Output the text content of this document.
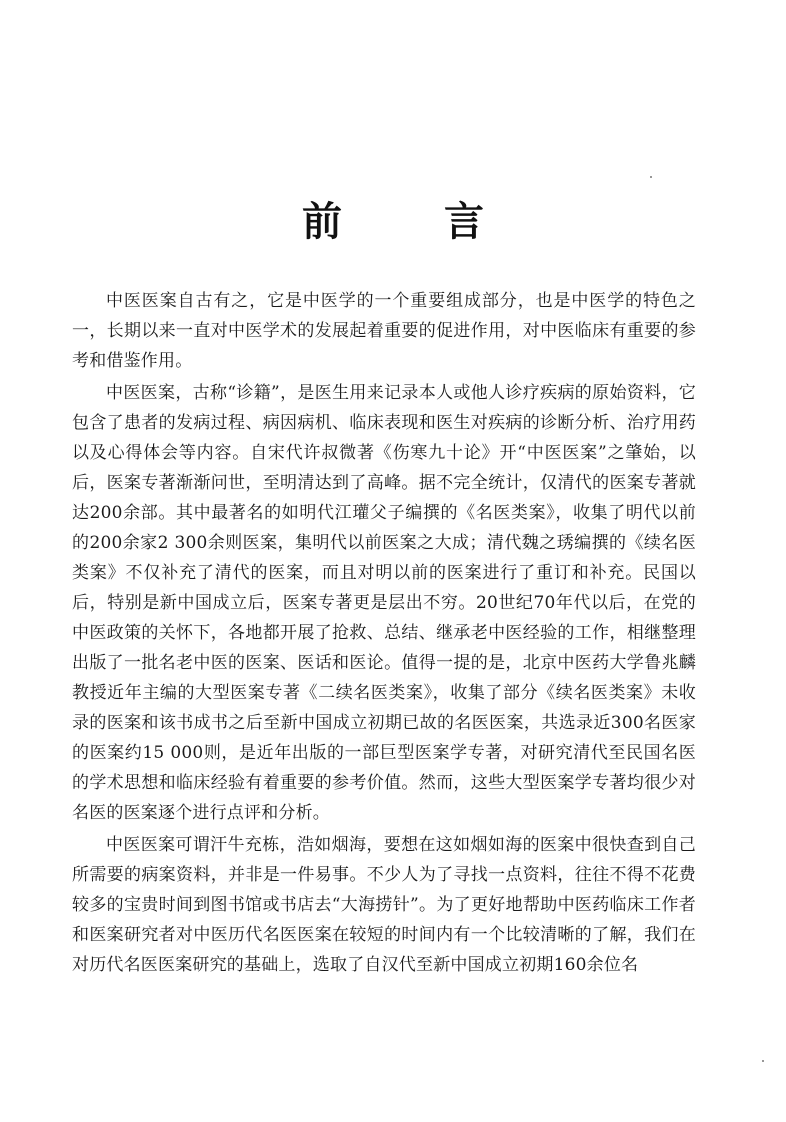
前 言

中医医案自古有之，它是中医学的一个重要组成部分，也是中医学的特色之一，长期以来一直对中医学术的发展起着重要的促进作用，对中医临床有重要的参考和借鉴作用。

中医医案，古称“诊籍”，是医生用来记录本人或他人诊疗疾病的原始资料，它包含了患者的发病过程、病因病机、临床表现和医生对疾病的诊断分析、治疗用药以及心得体会等内容。自宋代许叔微著《伤寒九十论》开“中医医案”之肇始，以后，医案专著渐渐问世，至明清达到了高峰。据不完全统计，仅清代的医案专著就达200余部。其中最著名的如明代江瓘父子编撰的《名医类案》，收集了明代以前的200余家2 300余则医案，集明代以前医案之大成；清代魏之琇编撰的《续名医类案》不仅补充了清代的医案，而且对明以前的医案进行了重订和补充。民国以后，特别是新中国成立后，医案专著更是层出不穷。20世纪70年代以后，在党的中医政策的关怀下，各地都开展了抢救、总结、继承老中医经验的工作，相继整理出版了一批名老中医的医案、医话和医论。值得一提的是，北京中医药大学鲁兆麟教授近年主编的大型医案专著《二续名医类案》，收集了部分《续名医类案》未收录的医案和该书成书之后至新中国成立初期已故的名医医案，共选录近300名医家的医案约15 000则，是近年出版的一部巨型医案学专著，对研究清代至民国名医的学术思想和临床经验有着重要的参考价值。然而，这些大型医案学专著均很少对名医的医案逐个进行点评和分析。

中医医案可谓汗牛充栋，浩如烟海，要想在这如烟如海的医案中很快查到自己所需要的病案资料，并非是一件易事。不少人为了寻找一点资料，往往不得不花费较多的宝贵时间到图书馆或书店去“大海捞针”。为了更好地帮助中医药临床工作者和医案研究者对中医历代名医医案在较短的时间内有一个比较清晰的了解，我们在对历代名医医案研究的基础上，选取了自汉代至新中国成立初期160余位名
